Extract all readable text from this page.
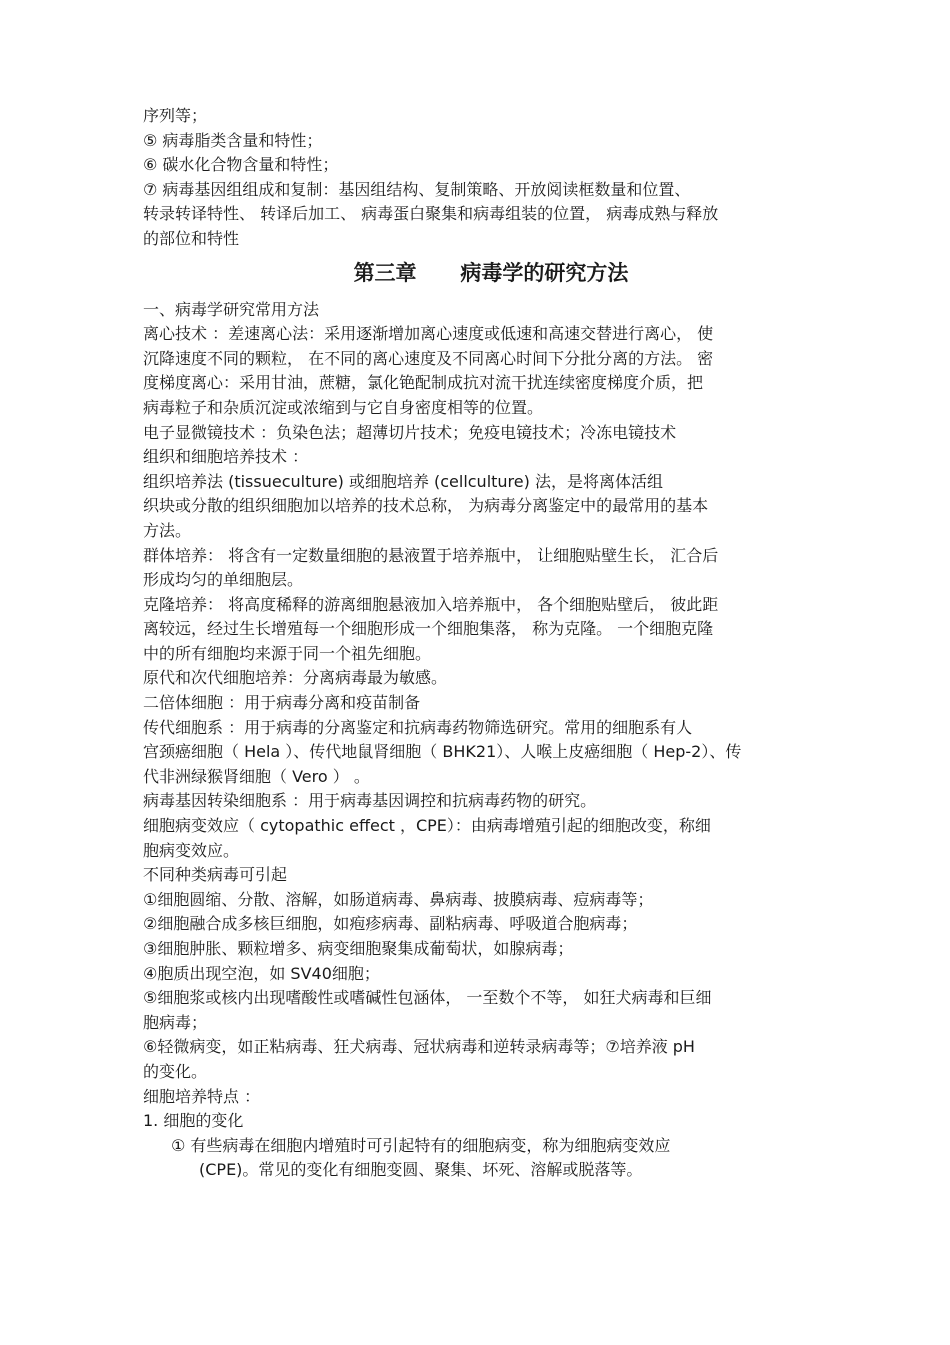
序列等；

⑤ 病毒脂类含量和特性；

⑥ 碳水化合物含量和特性；

⑦ 病毒基因组组成和复制：基因组结构、复制策略、开放阅读框数量和位置、

转录转译特性、 转译后加工、 病毒蛋白聚集和病毒组装的位置， 病毒成熟与释放

的部位和特性

第三章      病毒学的研究方法

一、病毒学研究常用方法

离心技术 ：差速离心法：采用逐渐增加离心速度或低速和高速交替进行离心， 使

沉降速度不同的颗粒， 在不同的离心速度及不同离心时间下分批分离的方法。 密

度梯度离心：采用甘油，蔗糖，氯化铯配制成抗对流干扰连续密度梯度介质，把

病毒粒子和杂质沉淀或浓缩到与它自身密度相等的位置。

电子显微镜技术 ：负染色法；超薄切片技术；免疫电镜技术；冷冻电镜技术

组织和细胞培养技术 ：

组织培养法 (tissueculture) 或细胞培养 (cellculture) 法，是将离体活组

织块或分散的组织细胞加以培养的技术总称， 为病毒分离鉴定中的最常用的基本

方法。

群体培养： 将含有一定数量细胞的悬液置于培养瓶中， 让细胞贴壁生长， 汇合后

形成均匀的单细胞层。

克隆培养： 将高度稀释的游离细胞悬液加入培养瓶中， 各个细胞贴壁后， 彼此距

离较远，经过生长增殖每一个细胞形成一个细胞集落， 称为克隆。 一个细胞克隆

中的所有细胞均来源于同一个祖先细胞。

原代和次代细胞培养：分离病毒最为敏感。

二倍体细胞 ：用于病毒分离和疫苗制备

传代细胞系 ：用于病毒的分离鉴定和抗病毒药物筛选研究。常用的细胞系有人

宫颈癌细胞（ Hela ）、传代地鼠肾细胞（ BHK21）、人喉上皮癌细胞（ Hep-2）、传

代非洲绿猴肾细胞（ Vero ） 。

病毒基因转染细胞系 ：用于病毒基因调控和抗病毒药物的研究。

细胞病变效应（ cytopathic effect ，CPE）：由病毒增殖引起的细胞改变，称细

胞病变效应。

不同种类病毒可引起

①细胞圆缩、分散、溶解，如肠道病毒、鼻病毒、披膜病毒、痘病毒等；

②细胞融合成多核巨细胞，如疱疹病毒、副粘病毒、呼吸道合胞病毒；

③细胞肿胀、颗粒增多、病变细胞聚集成葡萄状，如腺病毒；

④胞质出现空泡，如 SV40细胞；

⑤细胞浆或核内出现嗜酸性或嗜碱性包涵体， 一至数个不等， 如狂犬病毒和巨细

胞病毒；

⑥轻微病变，如正粘病毒、狂犬病毒、冠状病毒和逆转录病毒等；⑦培养液 pH

的变化。

细胞培养特点 ：

1. 细胞的变化

① 有些病毒在细胞内增殖时可引起特有的细胞病变，称为细胞病变效应

(CPE)。常见的变化有细胞变圆、聚集、坏死、溶解或脱落等。
